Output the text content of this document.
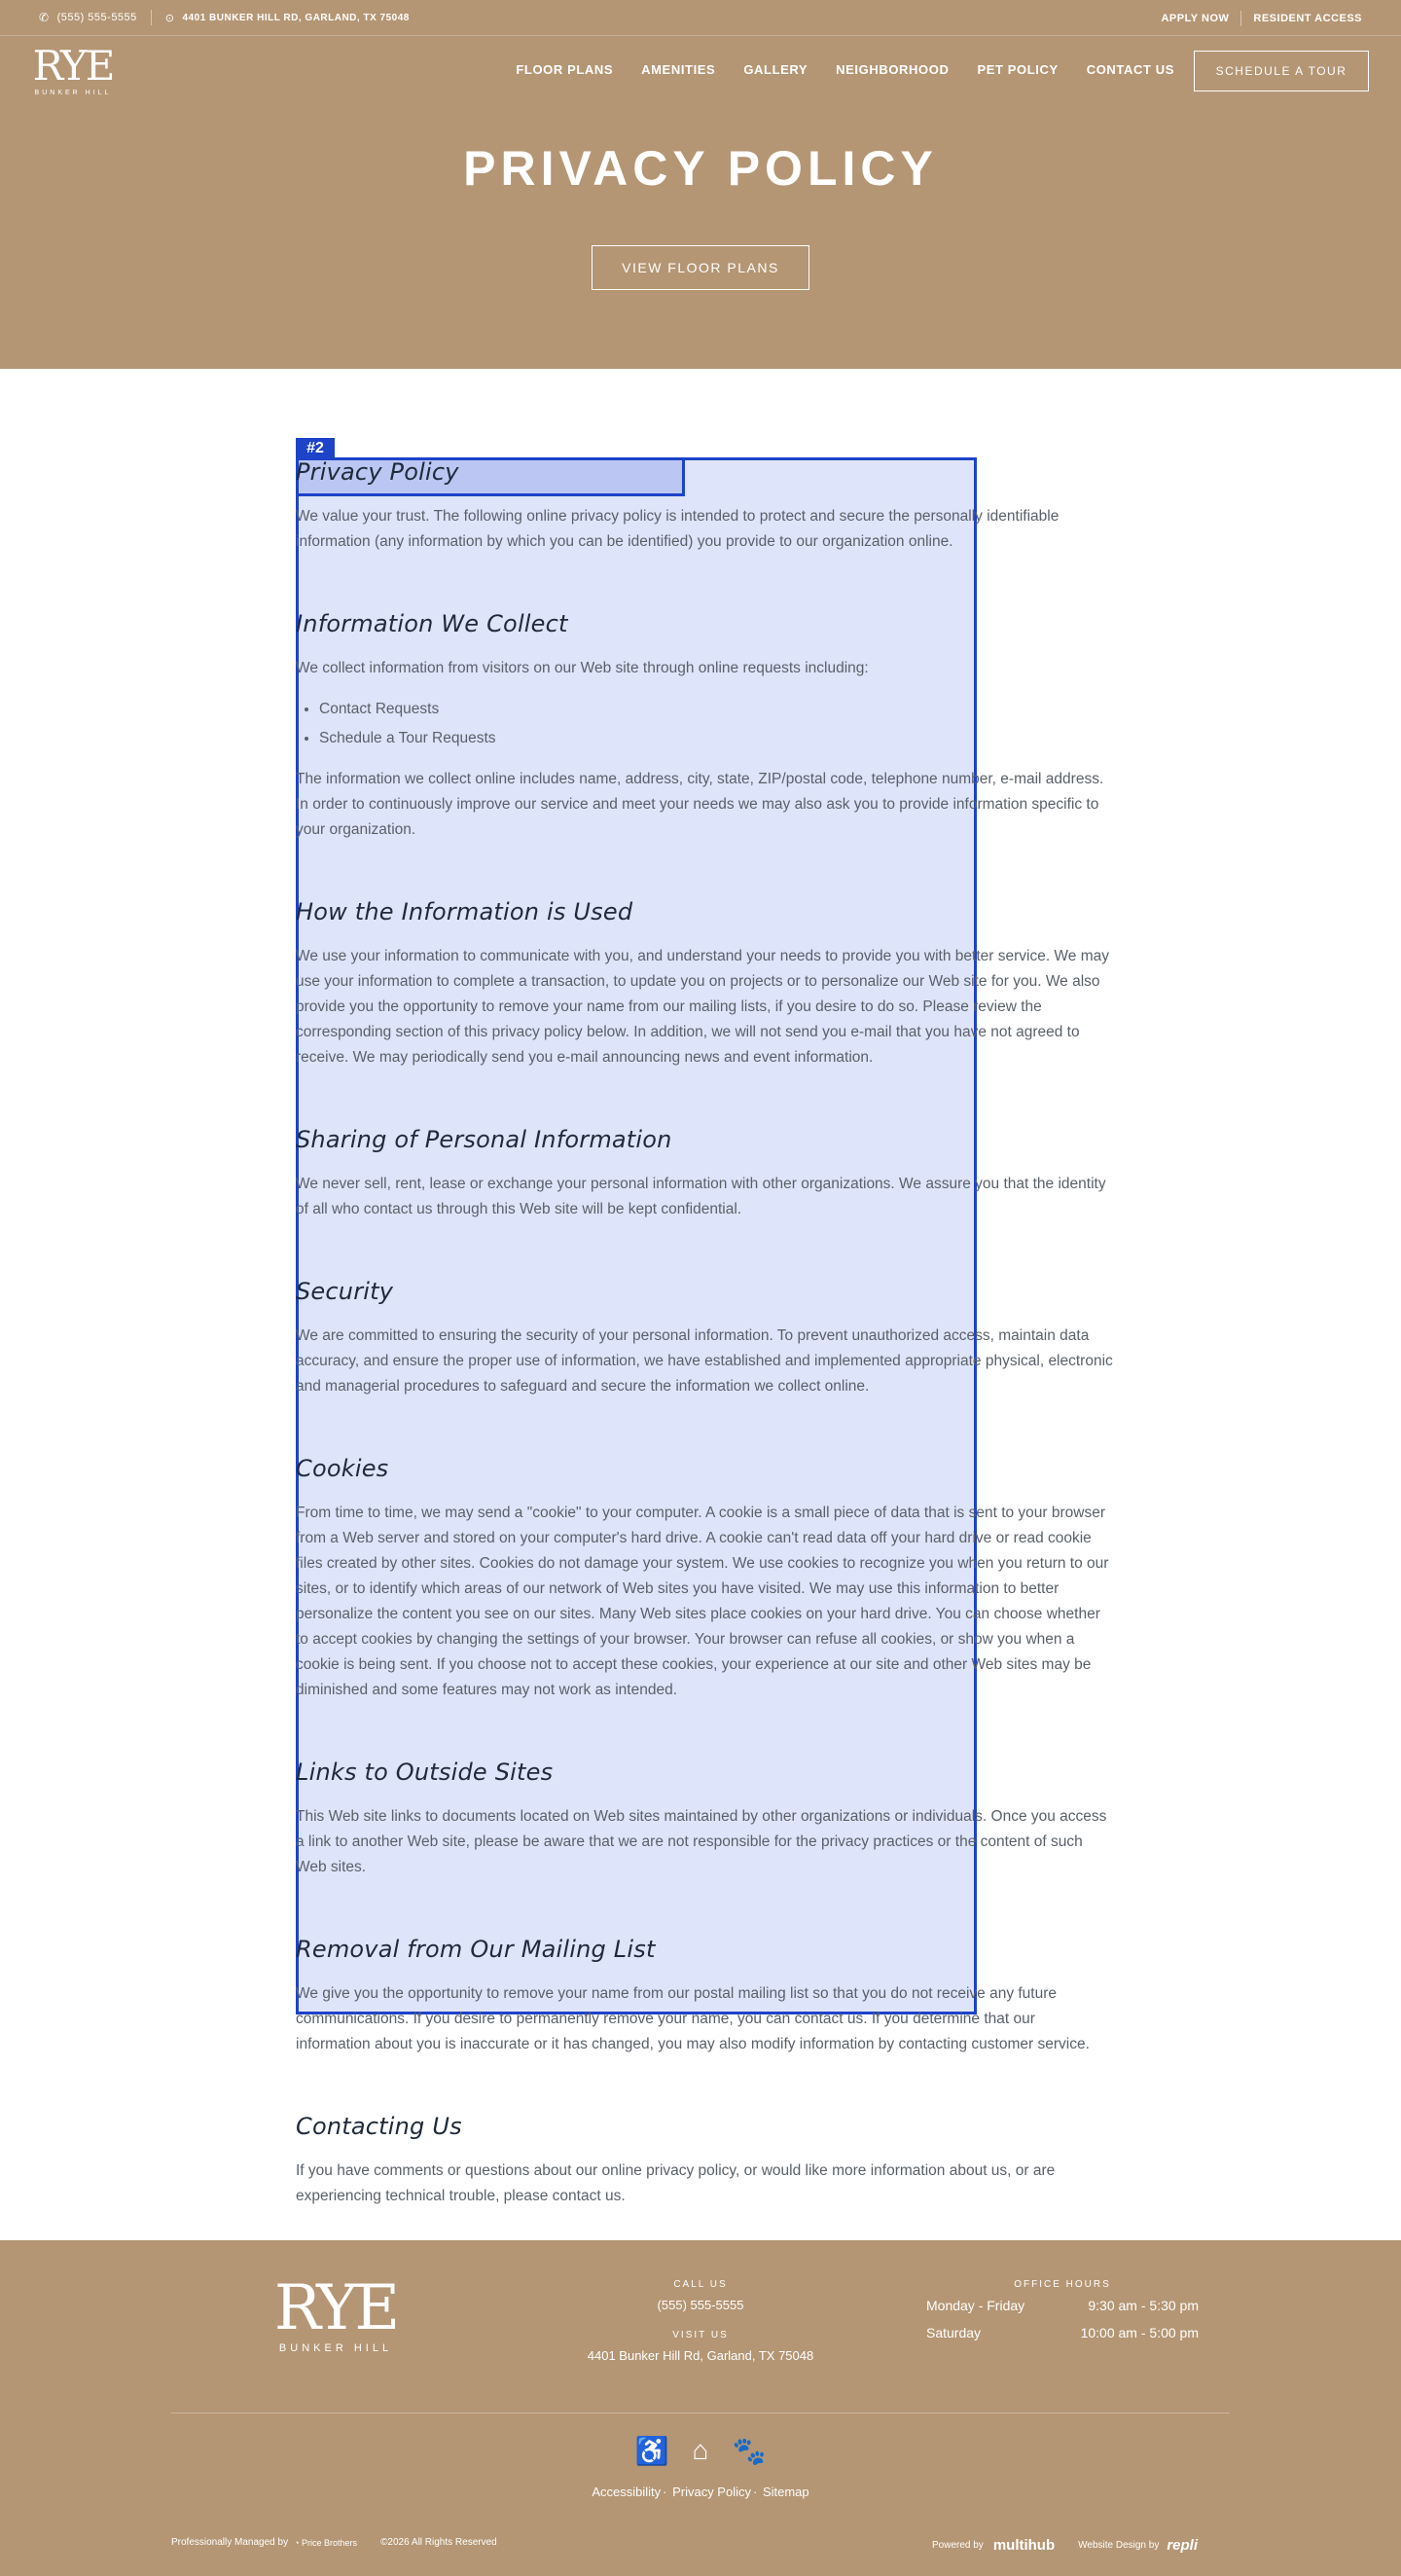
✆ (555) 555-5555	⊙ 4401 BUNKER HILL RD, GARLAND, TX 75048	APPLY NOW RESIDENT ACCESS
RYE
BUNKER HILL
FLOOR PLANS AMENITIES GALLERY NEIGHBORHOOD PET POLICY CONTACT US	SCHEDULE A TOUR
PRIVACY POLICY
VIEW FLOOR PLANS
#2
Privacy Policy

We value your trust. The following online privacy policy is intended to protect and secure the personally identifiable information (any information by which you can be identified) you provide to our organization online.

Information We Collect

We collect information from visitors on our Web site through online requests including:

• Contact Requests
• Schedule a Tour Requests

The information we collect online includes name, address, city, state, ZIP/postal code, telephone number, e-mail address. In order to continuously improve our service and meet your needs we may also ask you to provide information specific to your organization.

How the Information is Used

We use your information to communicate with you, and understand your needs to provide you with better service. We may use your information to complete a transaction, to update you on projects or to personalize our Web site for you. We also provide you the opportunity to remove your name from our mailing lists, if you desire to do so. Please review the corresponding section of this privacy policy below. In addition, we will not send you e-mail that you have not agreed to receive. We may periodically send you e-mail announcing news and event information.

Sharing of Personal Information

We never sell, rent, lease or exchange your personal information with other organizations. We assure you that the identity of all who contact us through this Web site will be kept confidential.

Security

We are committed to ensuring the security of your personal information. To prevent unauthorized access, maintain data accuracy, and ensure the proper use of information, we have established and implemented appropriate physical, electronic and managerial procedures to safeguard and secure the information we collect online.

Cookies

From time to time, we may send a "cookie" to your computer. A cookie is a small piece of data that is sent to your browser from a Web server and stored on your computer's hard drive. A cookie can't read data off your hard drive or read cookie files created by other sites. Cookies do not damage your system. We use cookies to recognize you when you return to our sites, or to identify which areas of our network of Web sites you have visited. We may use this information to better personalize the content you see on our sites. Many Web sites place cookies on your hard drive. You can choose whether to accept cookies by changing the settings of your browser. Your browser can refuse all cookies, or show you when a cookie is being sent. If you choose not to accept these cookies, your experience at our site and other Web sites may be diminished and some features may not work as intended.

Links to Outside Sites

This Web site links to documents located on Web sites maintained by other organizations or individuals. Once you access a link to another Web site, please be aware that we are not responsible for the privacy practices or the content of such Web sites.

Removal from Our Mailing List

We give you the opportunity to remove your name from our postal mailing list so that you do not receive any future communications. If you desire to permanently remove your name, you can contact us. If you determine that our information about you is inaccurate or it has changed, you may also modify information by contacting customer service.

Contacting Us

If you have comments or questions about our online privacy policy, or would like more information about us, or are experiencing technical trouble, please contact us.

RYE
BUNKER HILL
CALL US
(555) 555-5555
VISIT US
4401 Bunker Hill Rd, Garland, TX 75048
OFFICE HOURS
Monday - Friday	9:30 am - 5:30 pm
Saturday	10:00 am - 5:00 pm
♿ ⌂ 🐾
Accessibility · Privacy Policy · Sitemap
Professionally Managed by ◔ Price Brothers ©2026 All Rights Reserved	Powered by multihub Website Design by repli
